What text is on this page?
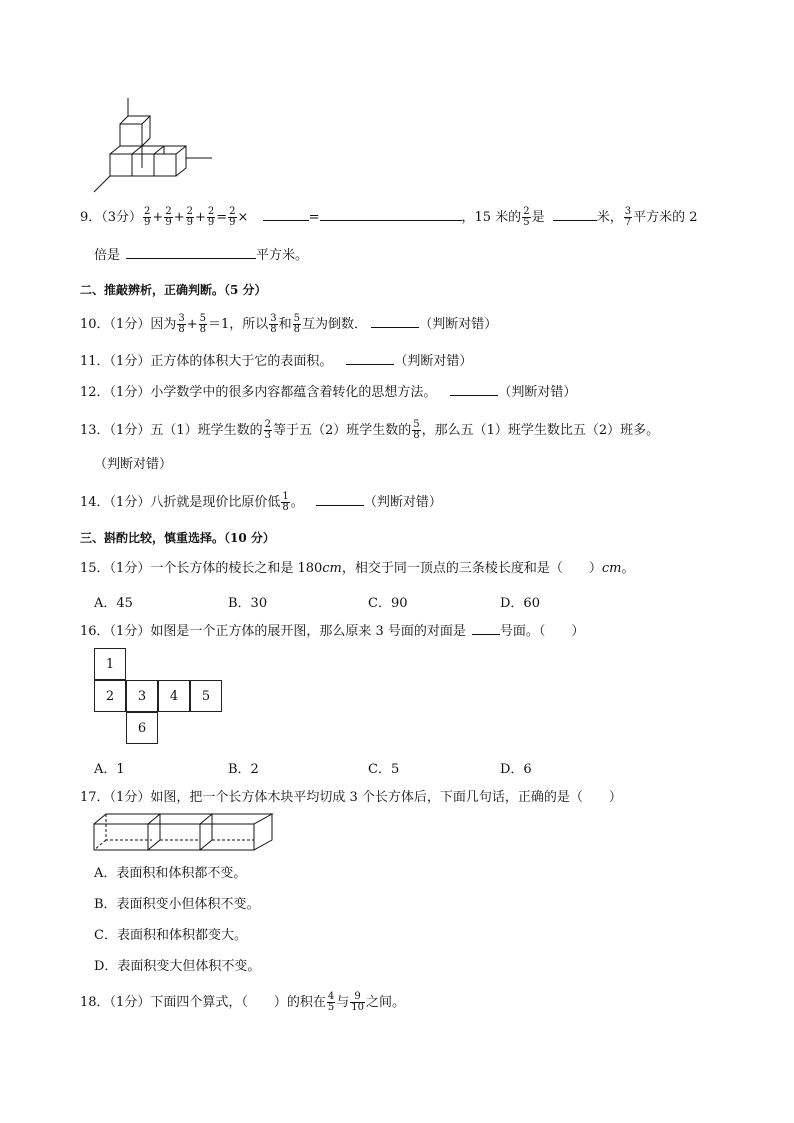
9．（3分） $\frac{2}{9} + \frac{2}{9} + \frac{2}{9} + \frac{2}{9} = \frac{2}{9}$ ×	=	，15 米的 $\frac{2}{5}$ 是	米， $\frac{3}{7}$ 平方米的 2
倍是	平方米。
二、推敲辨析，正确判断。（5 分）
10．（1分）因为 $\frac{3}{8} + \frac{5}{8} =1$，所以 $\frac{3}{8}$ 和 $\frac{5}{8}$ 互为倒数．	（判断对错）
11．（1分）正方体的体积大于它的表面积。	（判断对错）
12．（1分）小学数学中的很多内容都蕴含着转化的思想方法。	（判断对错）
13．（1分）五（1）班学生数的 $\frac{2}{3}$ 等于五（2）班学生数的 $\frac{5}{8}$ ，那么五（1）班学生数比五（2）班多。
（判断对错）
14．（1分）八折就是现价比原价低 $\frac{1}{8}$ 。	（判断对错）
三、斟酌比较，慎重选择。（10 分）
15．（1分）一个长方体的棱长之和是 180cm，相交于同一顶点的三条棱长度和是（　　）cm。
A．45	B．30	C．90	D．60
16．（1分）如图是一个正方体的展开图，那么原来 3 号面的对面是	号面。（　　）
1
2	3	4	5
6
A．1	B．2	C．5	D．6
17．（1分）如图，把一个长方体木块平均切成 3 个长方体后，下面几句话，正确的是（　　）
A．表面积和体积都不变。
B．表面积变小但体积不变。
C．表面积和体积都变大。
D．表面积变大但体积不变。
18．（1分）下面四个算式，（　　）的积在 $\frac{4}{5}$ 与 $\frac{9}{10}$ 之间。
